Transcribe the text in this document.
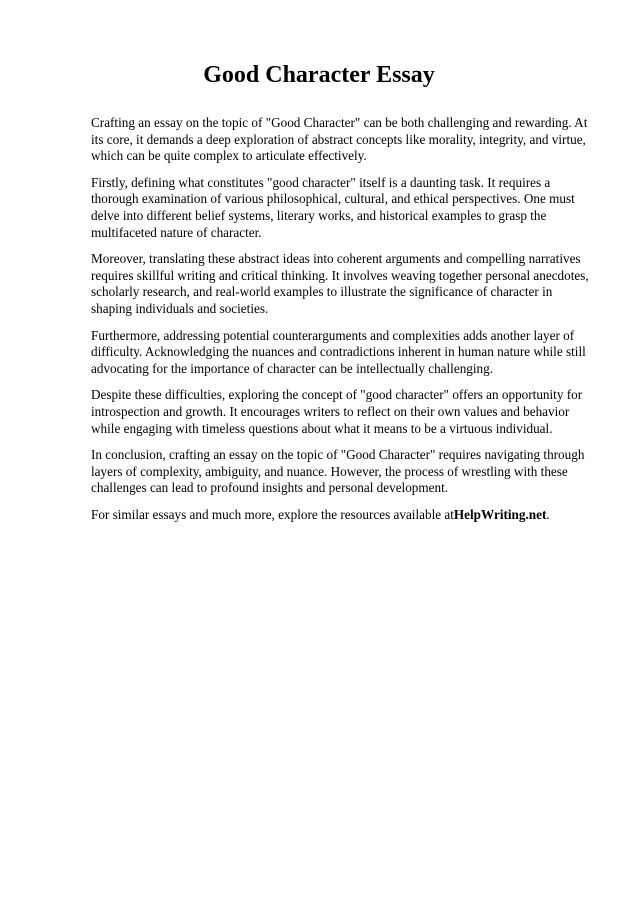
Good Character Essay

Crafting an essay on the topic of "Good Character" can be both challenging and rewarding. At its core, it demands a deep exploration of abstract concepts like morality, integrity, and virtue, which can be quite complex to articulate effectively.

Firstly, defining what constitutes "good character" itself is a daunting task. It requires a thorough examination of various philosophical, cultural, and ethical perspectives. One must delve into different belief systems, literary works, and historical examples to grasp the multifaceted nature of character.

Moreover, translating these abstract ideas into coherent arguments and compelling narratives requires skillful writing and critical thinking. It involves weaving together personal anecdotes, scholarly research, and real-world examples to illustrate the significance of character in shaping individuals and societies.

Furthermore, addressing potential counterarguments and complexities adds another layer of difficulty. Acknowledging the nuances and contradictions inherent in human nature while still advocating for the importance of character can be intellectually challenging.

Despite these difficulties, exploring the concept of "good character" offers an opportunity for introspection and growth. It encourages writers to reflect on their own values and behavior while engaging with timeless questions about what it means to be a virtuous individual.

In conclusion, crafting an essay on the topic of "Good Character" requires navigating through layers of complexity, ambiguity, and nuance. However, the process of wrestling with these challenges can lead to profound insights and personal development.

For similar essays and much more, explore the resources available atHelpWriting.net.
